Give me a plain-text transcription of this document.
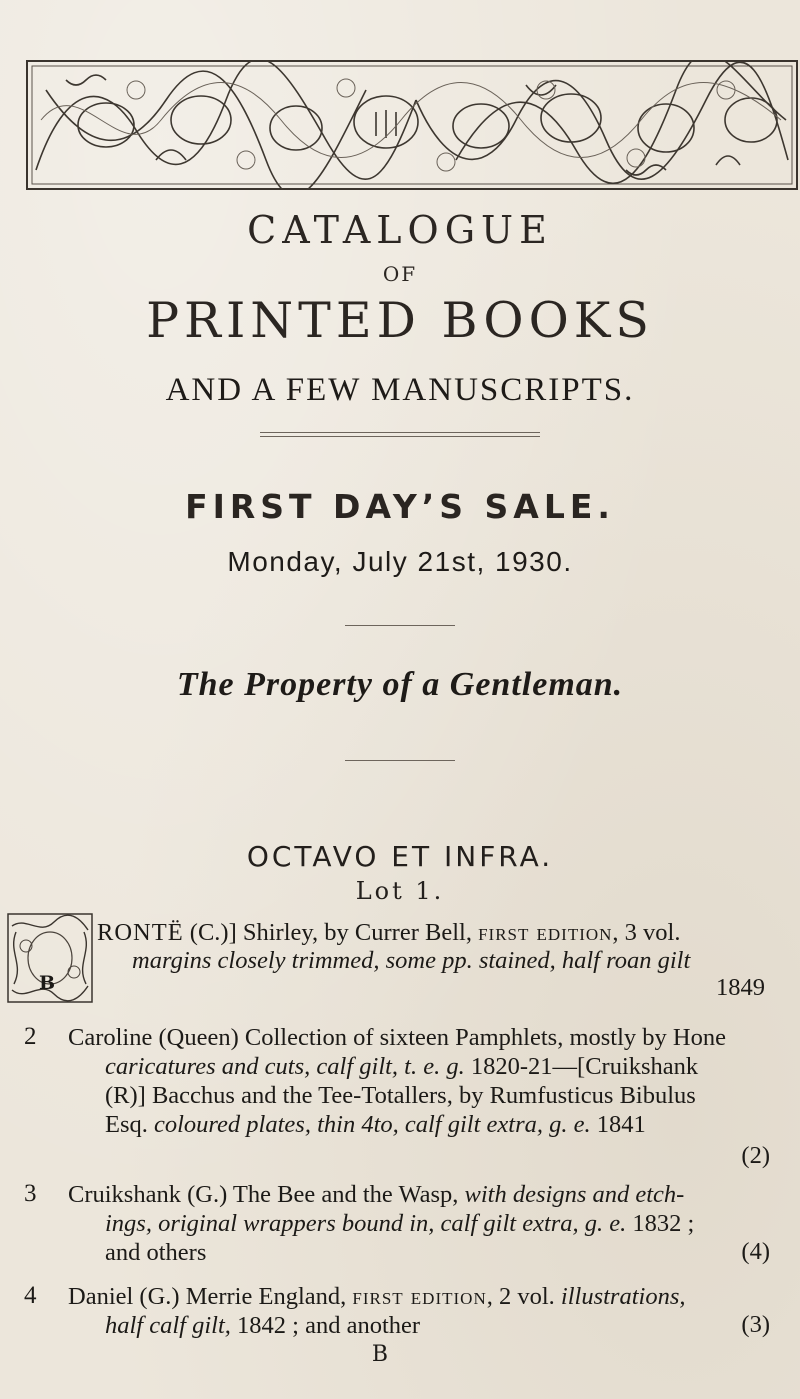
CATALOGUE
OF
PRINTED BOOKS
AND A FEW MANUSCRIPTS.
FIRST DAY’S SALE.
Monday, July 21st, 1930.
The Property of a Gentleman.
OCTAVO ET INFRA.
Lot 1.
B
RONTË (C.)] Shirley, by Currer Bell, first edition, 3 vol.
margins closely trimmed, some pp. stained, half roan gilt
1849
2 Caroline (Queen) Collection of sixteen Pamphlets, mostly by Hone
caricatures and cuts, calf gilt, t. e. g. 1820-21—[Cruikshank
(R)] Bacchus and the Tee-Totallers, by Rumfusticus Bibulus
Esq. coloured plates, thin 4to, calf gilt extra, g. e. 1841
(2)
3 Cruikshank (G.) The Bee and the Wasp, with designs and etch-
ings, original wrappers bound in, calf gilt extra, g. e. 1832 ;
and others	(4)
4 Daniel (G.) Merrie England, first edition, 2 vol. illustrations,
half calf gilt, 1842 ; and another	(3)
B
